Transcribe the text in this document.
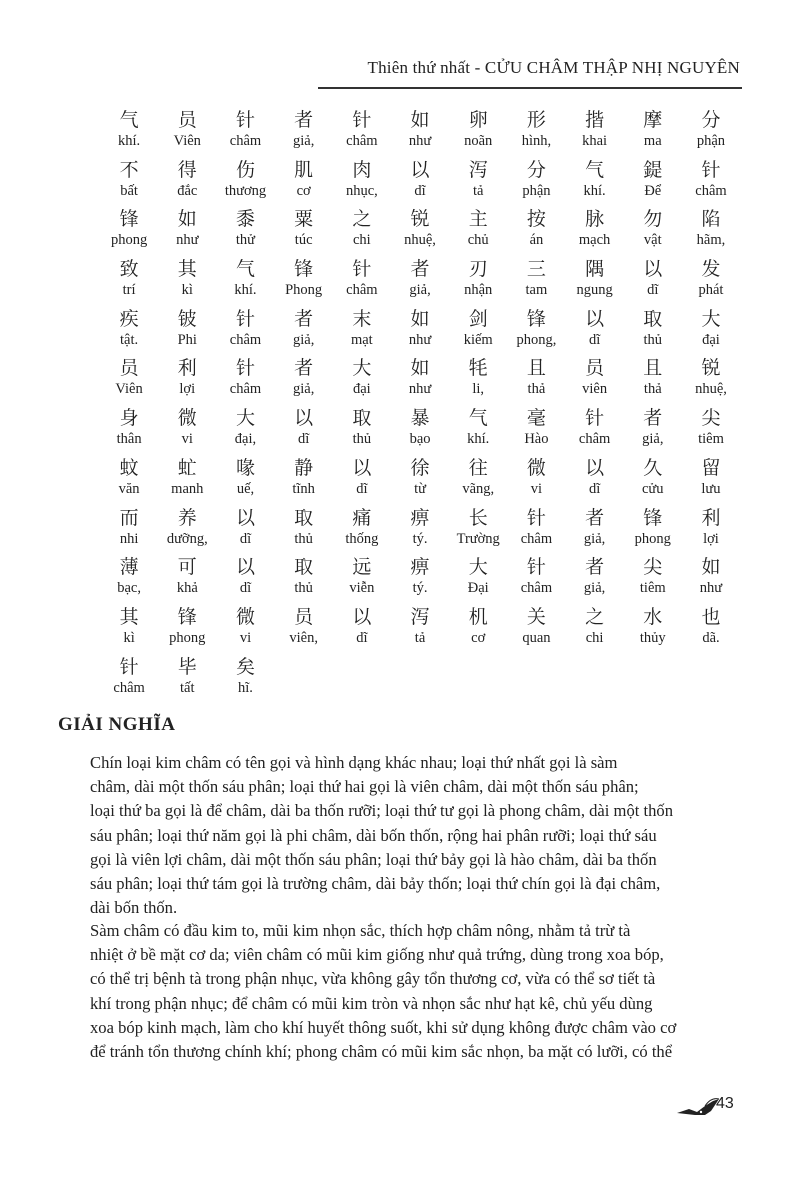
Thiên thứ nhất - CỬU CHÂM THẬP NHỊ NGUYÊN
气
khí.
员
Viên
针
châm
者
giả,
针
châm
如
như
卵
noãn
形
hình,
揩
khai
摩
ma
分
phận
不
bất
得
đắc
伤
thương
肌
cơ
肉
nhục,
以
dĩ
泻
tả
分
phận
气
khí.
鍉
Để
针
châm
锋
phong
如
như
黍
thử
粟
túc
之
chi
锐
nhuệ,
主
chủ
按
án
脉
mạch
勿
vật
陷
hãm,
致
trí
其
kì
气
khí.
锋
Phong
针
châm
者
giả,
刃
nhận
三
tam
隅
ngung
以
dĩ
发
phát
疾
tật.
铍
Phi
针
châm
者
giả,
末
mạt
如
như
剑
kiếm
锋
phong,
以
dĩ
取
thủ
大
đại
员
Viên
利
lợi
针
châm
者
giả,
大
đại
如
như
牦
li,
且
thả
员
viên
且
thả
锐
nhuệ,
身
thân
微
vi
大
đại,
以
dĩ
取
thủ
暴
bạo
气
khí.
毫
Hào
针
châm
者
giả,
尖
tiêm
蚊
văn
虻
manh
喙
uế,
静
tĩnh
以
dĩ
徐
từ
往
vãng,
微
vi
以
dĩ
久
cửu
留
lưu
而
nhi
养
dưỡng,
以
dĩ
取
thủ
痛
thống
痹
tý.
长
Trường
针
châm
者
giả,
锋
phong
利
lợi
薄
bạc,
可
khả
以
dĩ
取
thủ
远
viễn
痹
tý.
大
Đại
针
châm
者
giả,
尖
tiêm
如
như
其
kì
锋
phong
微
vi
员
viên,
以
dĩ
泻
tả
机
cơ
关
quan
之
chi
水
thủy
也
dã.
针
châm
毕
tất
矣
hĩ.
GIẢI NGHĨA
Chín loại kim châm có tên gọi và hình dạng khác nhau; loại thứ nhất gọi là sàm
châm, dài một thốn sáu phân; loại thứ hai gọi là viên châm, dài một thốn sáu phân;
loại thứ ba gọi là để châm, dài ba thốn rưỡi; loại thứ tư gọi là phong châm, dài một thốn
sáu phân; loại thứ năm gọi là phi châm, dài bốn thốn, rộng hai phân rưỡi; loại thứ sáu
gọi là viên lợi châm, dài một thốn sáu phân; loại thứ bảy gọi là hào châm, dài ba thốn
sáu phân; loại thứ tám gọi là trường châm, dài bảy thốn; loại thứ chín gọi là đại châm,
dài bốn thốn.
Sàm châm có đầu kim to, mũi kim nhọn sắc, thích hợp châm nông, nhằm tả trừ tà
nhiệt ở bề mặt cơ da; viên châm có mũi kim giống như quả trứng, dùng trong xoa bóp,
có thể trị bệnh tà trong phận nhục, vừa không gây tổn thương cơ, vừa có thể sơ tiết tà
khí trong phận nhục; để châm có mũi kim tròn và nhọn sắc như hạt kê, chủ yếu dùng
xoa bóp kinh mạch, làm cho khí huyết thông suốt, khi sử dụng không được châm vào cơ
để tránh tổn thương chính khí; phong châm có mũi kim sắc nhọn, ba mặt có lưỡi, có thể
43
